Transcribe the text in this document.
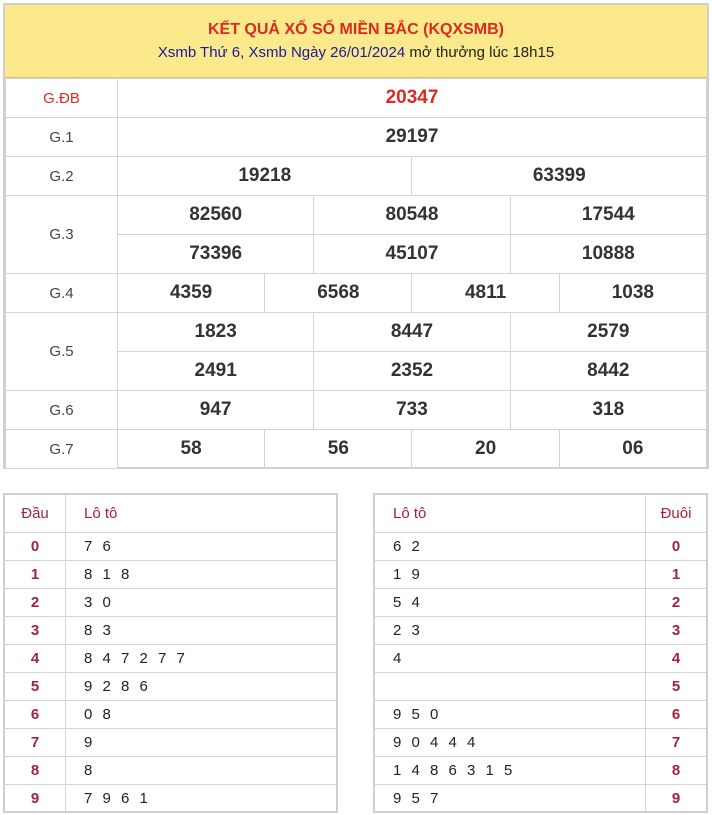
KẾT QUẢ XỔ SỐ MIỀN BẮC (KQXSMB)
Xsmb Thứ 6, Xsmb Ngày 26/01/2024 mở thưởng lúc 18h15
G.ĐB	20347					
G.1	29197					
G.2	19218			63399		
G.3	82560		80548		17544	
	73396		45107		10888	
G.4	4359	6568		4811		1038
G.5	1823		8447		2579	
	2491		2352		8442	
G.6	947		733		318	
G.7	58	56		20		06
Đầu	Lô tô
0	7 6
1	8 1 8
2	3 0
3	8 3
4	8 4 7 2 7 7
5	9 2 8 6
6	0 8
7	9
8	8
9	7 9 6 1
Lô tô	Đuôi
6 2	0
1 9	1
5 4	2
2 3	3
4	4
	5
9 5 0	6
9 0 4 4 4	7
1 4 8 6 3 1 5	8
9 5 7	9
